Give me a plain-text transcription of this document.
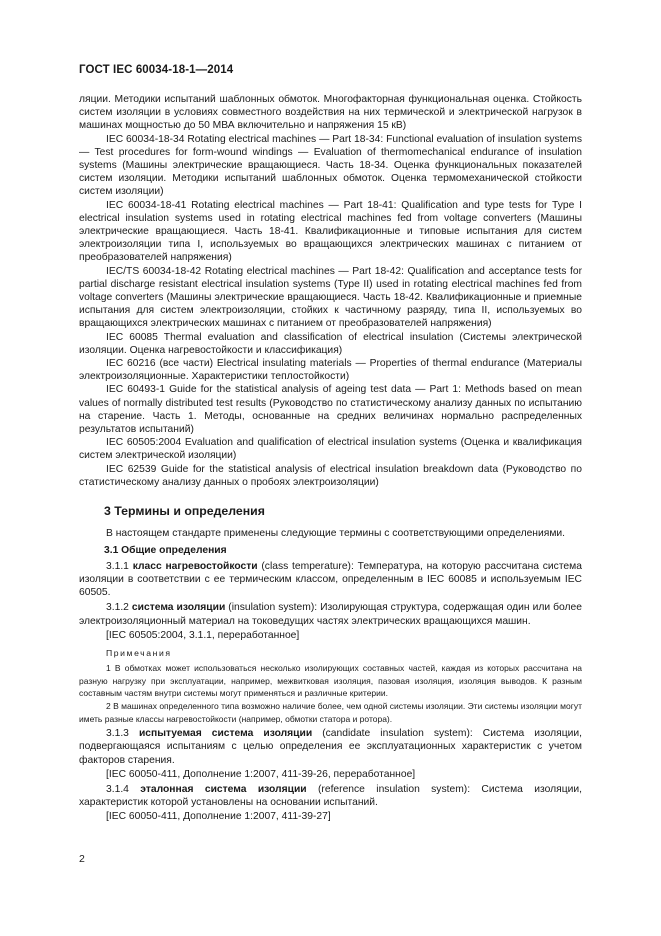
ГОСТ IEC 60034-18-1—2014

ляции. Методики испытаний шаблонных обмоток. Многофакторная функциональная оценка. Стойкость систем изоляции в условиях совместного воздействия на них термической и электрической нагрузок в машинах мощностью до 50 МВА включительно и напряжения 15 кВ)

IEC 60034-18-34 Rotating electrical machines — Part 18-34: Functional evaluation of insulation systems — Test procedures for form-wound windings — Evaluation of thermomechanical endurance of insulation systems (Машины электрические вращающиеся. Часть 18-34. Оценка функциональных показателей систем изоляции. Методики испытаний шаблонных обмоток. Оценка термомеханической стойкости систем изоляции)

IEC 60034-18-41 Rotating electrical machines — Part 18-41: Qualification and type tests for Type I electrical insulation systems used in rotating electrical machines fed from voltage converters (Машины электрические вращающиеся. Часть 18-41. Квалификационные и типовые испытания для систем электроизоляции типа I, используемых во вращающихся электрических машинах с питанием от преобразователей напряжения)

IEC/TS 60034-18-42 Rotating electrical machines — Part 18-42: Qualification and acceptance tests for partial discharge resistant electrical insulation systems (Type II) used in rotating electrical machines fed from voltage converters (Машины электрические вращающиеся. Часть 18-42. Квалификационные и приемные испытания для систем электроизоляции, стойких к частичному разряду, типа II, используемых во вращающихся электрических машинах с питанием от преобразователей напряжения)

IEC 60085 Thermal evaluation and classification of electrical insulation (Системы электрической изоляции. Оценка нагревостойкости и классификация)

IEC 60216 (все части) Electrical insulating materials — Properties of thermal endurance (Материалы электроизоляционные. Характеристики теплостойкости)

IEC 60493-1 Guide for the statistical analysis of ageing test data — Part 1: Methods based on mean values of normally distributed test results (Руководство по статистическому анализу данных по испытанию на старение. Часть 1. Методы, основанные на средних величинах нормально распределенных результатов испытаний)

IEC 60505:2004 Evaluation and qualification of electrical insulation systems (Оценка и квалификация систем электрической изоляции)

IEC 62539 Guide for the statistical analysis of electrical insulation breakdown data (Руководство по статистическому анализу данных о пробоях электроизоляции)

3 Термины и определения

В настоящем стандарте применены следующие термины с соответствующими определениями.

3.1 Общие определения

3.1.1 класс нагревостойкости (class temperature): Температура, на которую рассчитана система изоляции в соответствии с ее термическим классом, определенным в IEC 60085 и используемым IEC 60505.

3.1.2 система изоляции (insulation system): Изолирующая структура, содержащая один или более электроизоляционный материал на токоведущих частях электрических вращающихся машин.

[IEC 60505:2004, 3.1.1, переработанное]

Примечания

1 В обмотках может использоваться несколько изолирующих составных частей, каждая из которых рассчитана на разную нагрузку при эксплуатации, например, межвитковая изоляция, пазовая изоляция, изоляция выводов. К разным составным частям внутри системы могут применяться и различные критерии.

2 В машинах определенного типа возможно наличие более, чем одной системы изоляции. Эти системы изоляции могут иметь разные классы нагревостойкости (например, обмотки статора и ротора).

3.1.3 испытуемая система изоляции (candidate insulation system): Система изоляции, подвергающаяся испытаниям с целью определения ее эксплуатационных характеристик с учетом факторов старения.

[IEC 60050-411, Дополнение 1:2007, 411-39-26, переработанное]

3.1.4 эталонная система изоляции (reference insulation system): Система изоляции, характеристик которой установлены на основании испытаний.

[IEC 60050-411, Дополнение 1:2007, 411-39-27]

2
